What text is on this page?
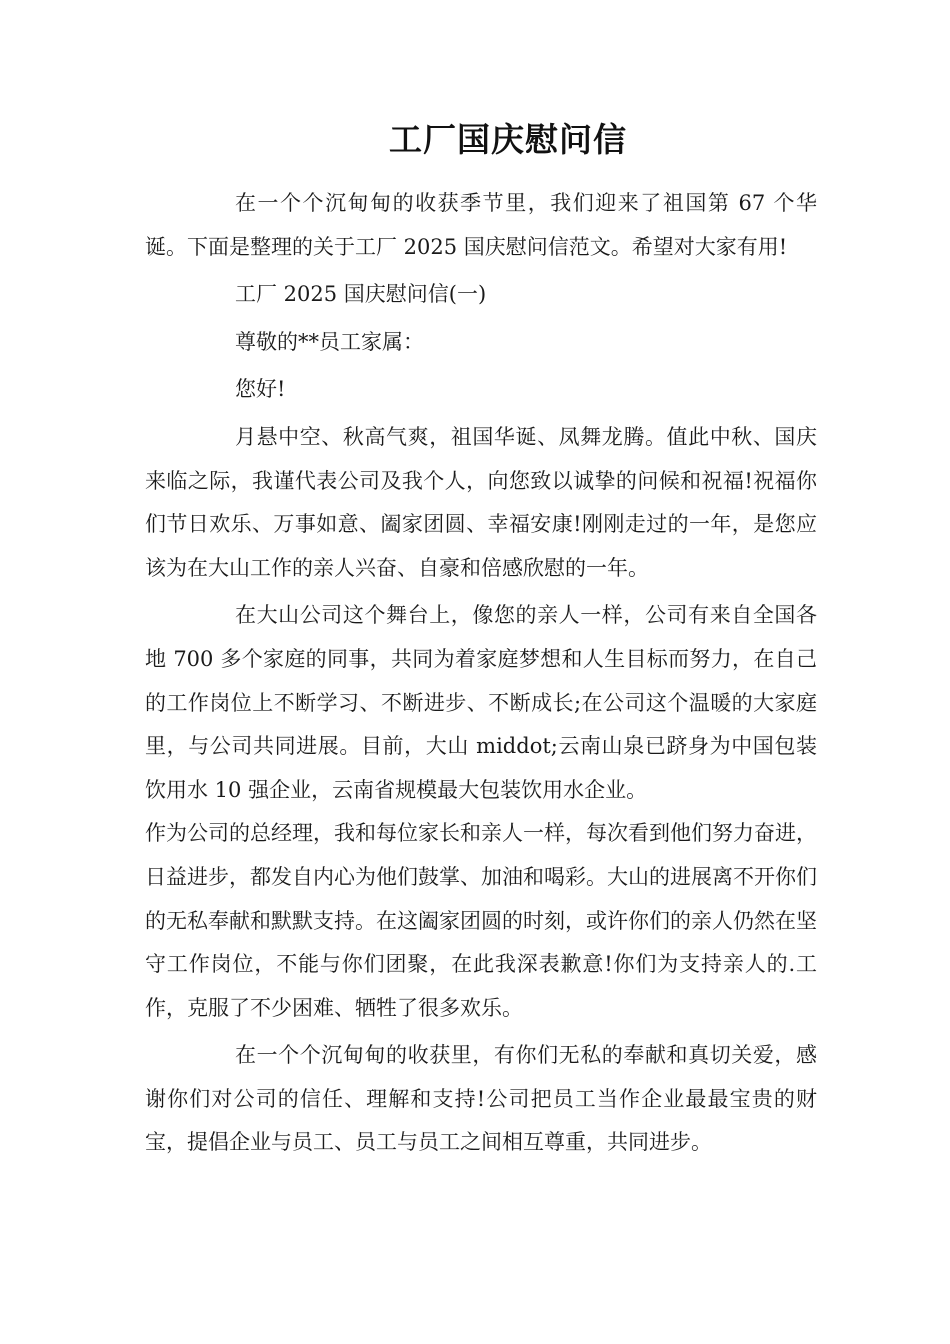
工厂国庆慰问信

在一个个沉甸甸的收获季节里，我们迎来了祖国第 67 个华诞。下面是整理的关于工厂 2025 国庆慰问信范文。希望对大家有用!

工厂 2025 国庆慰问信(一)

尊敬的**员工家属：

您好!

月悬中空、秋高气爽，祖国华诞、凤舞龙腾。值此中秋、国庆来临之际，我谨代表公司及我个人，向您致以诚挚的问候和祝福!祝福你们节日欢乐、万事如意、阖家团圆、幸福安康!刚刚走过的一年，是您应该为在大山工作的亲人兴奋、自豪和倍感欣慰的一年。

在大山公司这个舞台上，像您的亲人一样，公司有来自全国各地 700 多个家庭的同事，共同为着家庭梦想和人生目标而努力，在自己的工作岗位上不断学习、不断进步、不断成长;在公司这个温暖的大家庭里，与公司共同进展。目前，大山 middot;云南山泉已跻身为中国包装饮用水 10 强企业，云南省规模最大包装饮用水企业。

作为公司的总经理，我和每位家长和亲人一样，每次看到他们努力奋进，日益进步，都发自内心为他们鼓掌、加油和喝彩。大山的进展离不开你们的无私奉献和默默支持。在这阖家团圆的时刻，或许你们的亲人仍然在坚守工作岗位，不能与你们团聚，在此我深表歉意!你们为支持亲人的.工作，克服了不少困难、牺牲了很多欢乐。

在一个个沉甸甸的收获里，有你们无私的奉献和真切关爱，感谢你们对公司的信任、理解和支持!公司把员工当作企业最最宝贵的财宝，提倡企业与员工、员工与员工之间相互尊重，共同进步。
